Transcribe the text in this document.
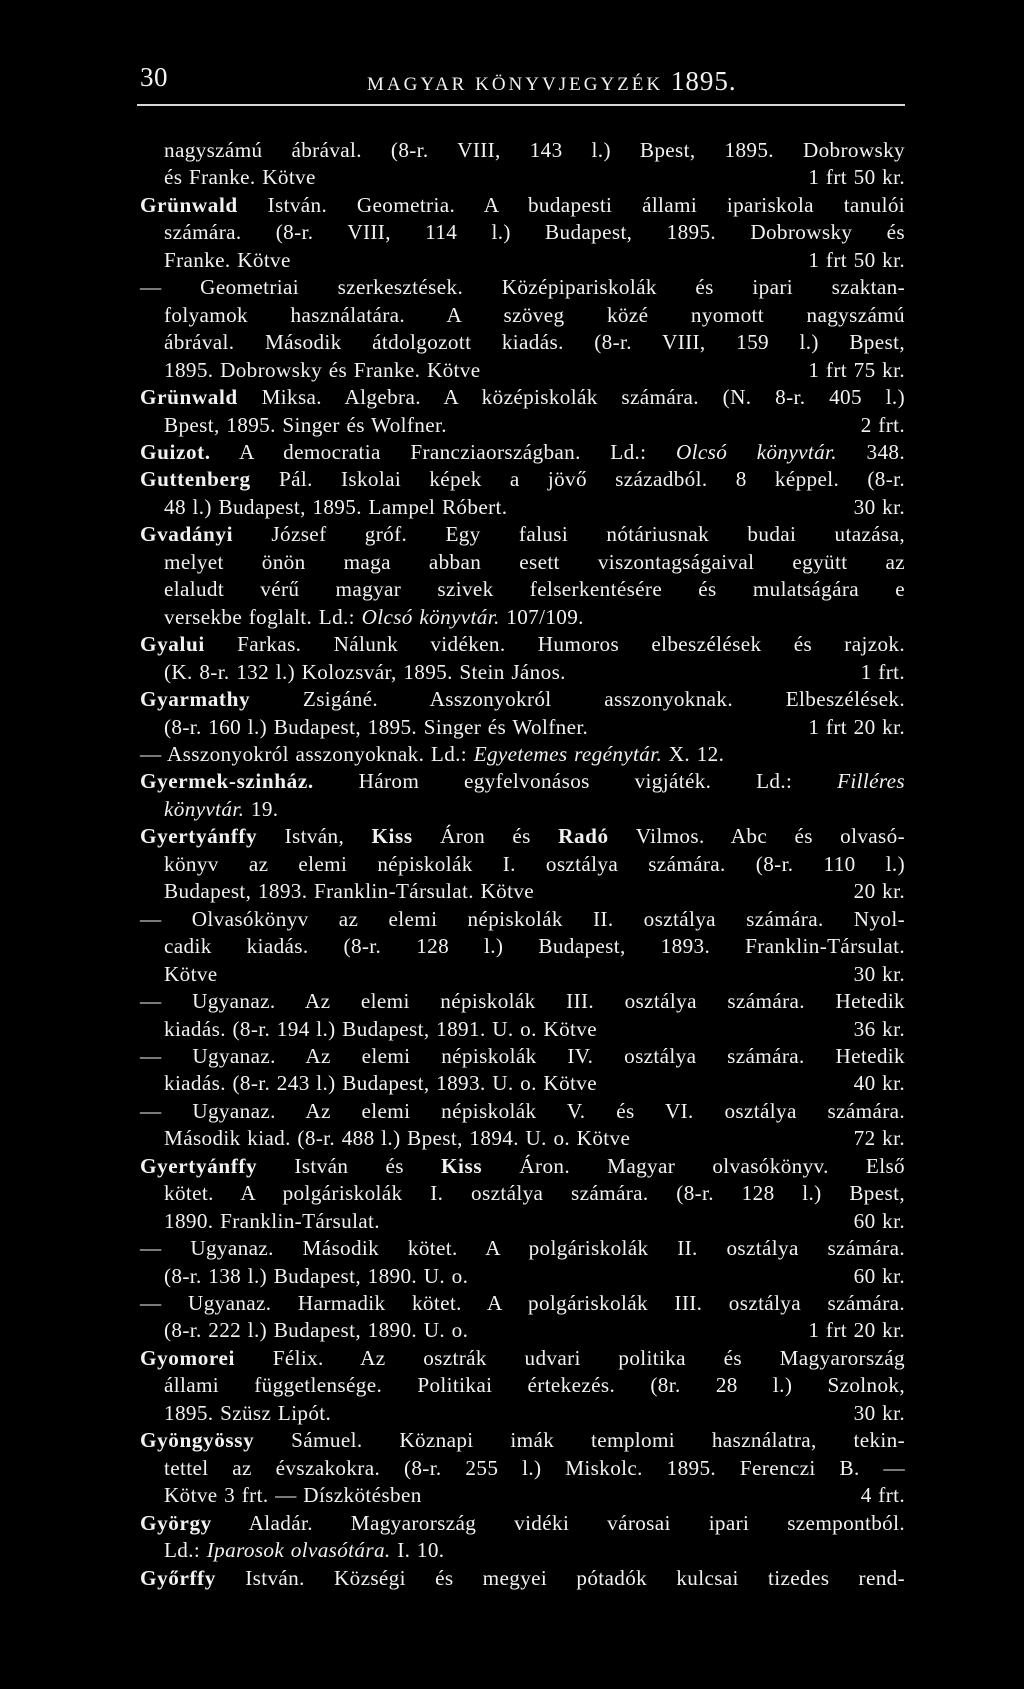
30	MAGYAR KÖNYVJEGYZÉK 1895.
nagyszámú ábrával. (8-r. VIII, 143 l.) Bpest, 1895. Dobrowsky
1 frt 50 kr.
és Franke. Kötve
Grünwald István. Geometria. A budapesti állami ipariskola tanulói
számára. (8-r. VIII, 114 l.) Budapest, 1895. Dobrowsky és
1 frt 50 kr.
Franke. Kötve
— Geometriai szerkesztések. Középipariskolák és ipari szaktan-
folyamok használatára. A szöveg közé nyomott nagyszámú
ábrával. Második átdolgozott kiadás. (8-r. VIII, 159 l.) Bpest,
1 frt 75 kr.
1895. Dobrowsky és Franke. Kötve
Grünwald Miksa. Algebra. A középiskolák számára. (N. 8-r. 405 l.)
2 frt.
Bpest, 1895. Singer és Wolfner.
Guizot. A democratia Francziaországban. Ld.: Olcsó könyvtár. 348.
Guttenberg Pál. Iskolai képek a jövő századból. 8 képpel. (8-r.
30 kr.
48 l.) Budapest, 1895. Lampel Róbert.
Gvadányi József gróf. Egy falusi nótáriusnak budai utazása,
melyet önön maga abban esett viszontagságaival együtt az
elaludt vérű magyar szivek felserkentésére és mulatságára e
versekbe foglalt. Ld.: Olcsó könyvtár. 107/109.
Gyalui Farkas. Nálunk vidéken. Humoros elbeszélések és rajzok.
1 frt.
(K. 8-r. 132 l.) Kolozsvár, 1895. Stein János.
Gyarmathy Zsigáné. Asszonyokról asszonyoknak. Elbeszélések.
1 frt 20 kr.
(8-r. 160 l.) Budapest, 1895. Singer és Wolfner.
— Asszonyokról asszonyoknak. Ld.: Egyetemes regénytár. X. 12.
Gyermek-szinház. Három egyfelvonásos vigjáték. Ld.: Filléres
könyvtár. 19.
Gyertyánffy István, Kiss Áron és Radó Vilmos. Abc és olvasó-
könyv az elemi népiskolák I. osztálya számára. (8-r. 110 l.)
20 kr.
Budapest, 1893. Franklin-Társulat. Kötve
— Olvasókönyv az elemi népiskolák II. osztálya számára. Nyol-
cadik kiadás. (8-r. 128 l.) Budapest, 1893. Franklin-Társulat.
30 kr.
Kötve
— Ugyanaz. Az elemi népiskolák III. osztálya számára. Hetedik
36 kr.
kiadás. (8-r. 194 l.) Budapest, 1891. U. o. Kötve
— Ugyanaz. Az elemi népiskolák IV. osztálya számára. Hetedik
40 kr.
kiadás. (8-r. 243 l.) Budapest, 1893. U. o. Kötve
— Ugyanaz. Az elemi népiskolák V. és VI. osztálya számára.
72 kr.
Második kiad. (8-r. 488 l.) Bpest, 1894. U. o. Kötve
Gyertyánffy István és Kiss Áron. Magyar olvasókönyv. Első
kötet. A polgáriskolák I. osztálya számára. (8-r. 128 l.) Bpest,
60 kr.
1890. Franklin-Társulat.
— Ugyanaz. Második kötet. A polgáriskolák II. osztálya számára.
60 kr.
(8-r. 138 l.) Budapest, 1890. U. o.
— Ugyanaz. Harmadik kötet. A polgáriskolák III. osztálya számára.
1 frt 20 kr.
(8-r. 222 l.) Budapest, 1890. U. o.
Gyomorei Félix. Az osztrák udvari politika és Magyarország
állami függetlensége. Politikai értekezés. (8r. 28 l.) Szolnok,
30 kr.
1895. Szüsz Lipót.
Gyöngyössy Sámuel. Köznapi imák templomi használatra, tekin-
tettel az évszakokra. (8-r. 255 l.) Miskolc. 1895. Ferenczi B. —
4 frt.
Kötve 3 frt. — Díszkötésben
György Aladár. Magyarország vidéki városai ipari szempontból.
Ld.: Iparosok olvasótára. I. 10.
Győrffy István. Községi és megyei pótadók kulcsai tizedes rend-
